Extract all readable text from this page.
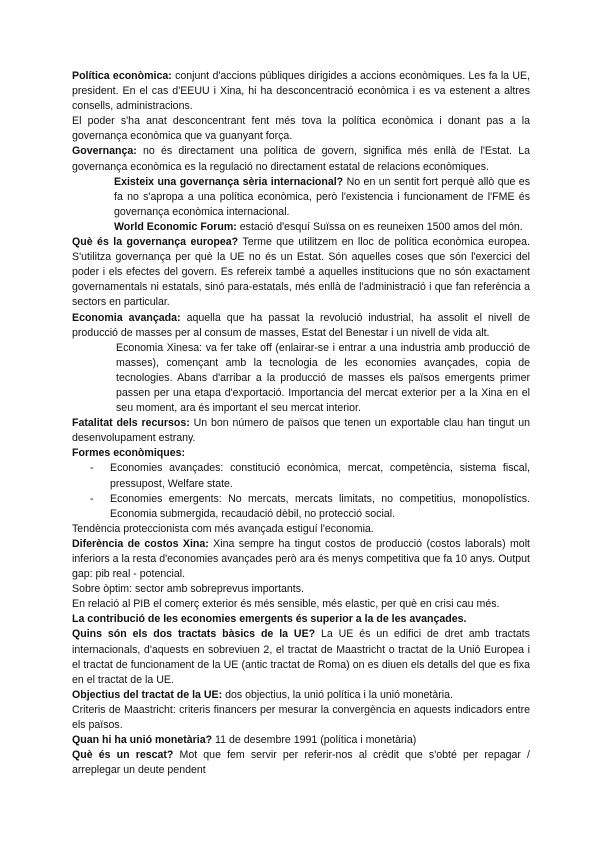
Política econòmica: conjunt d'accions públiques dirigides a accions econòmiques. Les fa la UE, president. En el cas d'EEUU i Xina, hi ha desconcentració econòmica i es va estenent a altres consells, administracions.

El poder s'ha anat desconcentrant fent més tova la política econòmica i donant pas a la governança econòmica que va guanyant força.

Governança: no és directament una política de govern, significa més enllà de l'Estat. La governança econòmica es la regulació no directament estatal de relacions econòmiques.

Existeix una governança sèria internacional? No en un sentit fort perquè allò que es fa no s'apropa a una política econòmica, però l'existencia i funcionament de l'FME és governança econòmica internacional.

World Economic Forum: estació d'esquí Suïssa on es reuneixen 1500 amos del món.

Què és la governança europea? Terme que utilitzem en lloc de política econòmica europea. S'utilitza governança per què la UE no és un Estat. Són aquelles coses que són l'exercici del poder i els efectes del govern. Es refereix també a aquelles institucions que no són exactament governamentals ni estatals, sinó para-estatals, més enllà de l'administració i que fan referència a sectors en particular.

Economia avançada: aquella que ha passat la revolució industrial, ha assolit el nivell de producció de masses per al consum de masses, Estat del Benestar i un nivell de vida alt.

Economia Xinesa: va fer take off (enlairar-se i entrar a una industria amb producció de masses), començant amb la tecnologia de les economies avançades, copia de tecnologies. Abans d'arribar a la producció de masses els països emergents primer passen per una etapa d'exportació. Importancia del mercat exterior per a la Xina en el seu moment, ara és important el seu mercat interior.

Fatalitat dels recursos: Un bon número de països que tenen un exportable clau han tingut un desenvolupament estrany.

Formes econòmiques:

- Economies avançades: constitució econòmica, mercat, competència, sistema fiscal, pressupost, Welfare state.
- Economies emergents: No mercats, mercats limitats, no competitius, monopolístics. Economia submergida, recaudació dèbil, no protecció social.

Tendència proteccionista com més avançada estiguí l'economia.

Diferència de costos Xina: Xina sempre ha tingut costos de producció (costos laborals) molt inferiors a la resta d'economies avançades però ara és menys competitiva que fa 10 anys. Output gap: pib real - potencial.

Sobre òptim: sector amb sobreprevus importants.

En relació al PIB el comerç exterior és més sensible, més elastic, per què en crisi cau més.

La contribució de les economies emergents és superior a la de les avançades.

Quins són els dos tractats bàsics de la UE? La UE és un edifici de dret amb tractats internacionals, d'aquests en sobreviuen 2, el tractat de Maastricht o tractat de la Unió Europea i el tractat de funcionament de la UE (antic tractat de Roma) on es diuen els detalls del que es fixa en el tractat de la UE.

Objectius del tractat de la UE: dos objectius, la unió política i la unió monetària.

Criteris de Maastricht: criteris financers per mesurar la convergència en aquests indicadors entre els països.

Quan hi ha unió monetària? 11 de desembre 1991 (política i monetària)

Què és un rescat? Mot que fem servir per referir-nos al crèdit que s'obté per repagar / arreplegar un deute pendent
